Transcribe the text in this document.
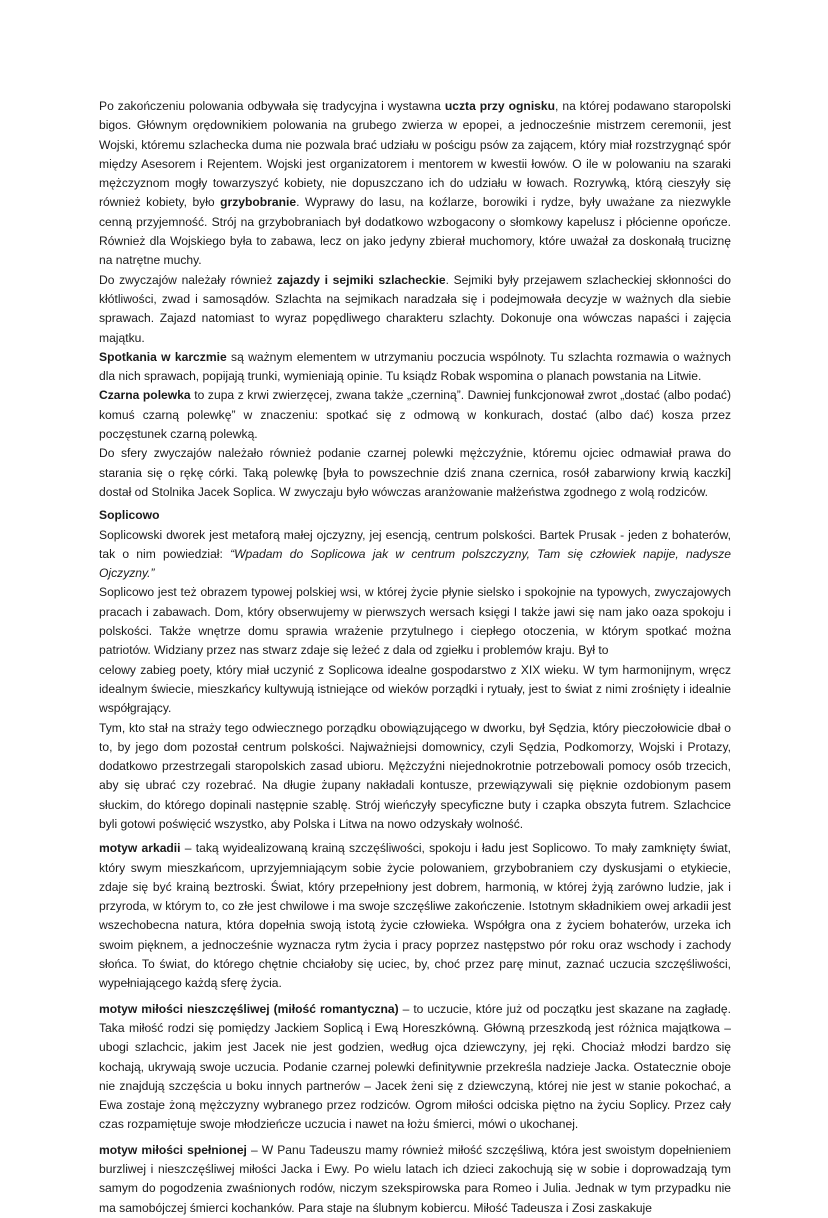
Po zakończeniu polowania odbywała się tradycyjna i wystawna uczta przy ognisku, na której podawano staropolski bigos. Głównym orędownikiem polowania na grubego zwierza w epopei, a jednocześnie mistrzem ceremonii, jest Wojski, któremu szlachecka duma nie pozwala brać udziału w pościgu psów za zającem, który miał rozstrzygnąć spór między Asesorem i Rejentem. Wojski jest organizatorem i mentorem w kwestii łowów. O ile w polowaniu na szaraki mężczyznom mogły towarzyszyć kobiety, nie dopuszczano ich do udziału w łowach. Rozrywką, którą cieszyły się również kobiety, było grzybobranie. Wyprawy do lasu, na koźlarze, borowiki i rydze, były uważane za niezwykle cenną przyjemność. Strój na grzybobraniach był dodatkowo wzbogacony o słomkowy kapelusz i płócienne opończe. Również dla Wojskiego była to zabawa, lecz on jako jedyny zbierał muchomory, które uważał za doskonałą truciznę na natrętne muchy.

Do zwyczajów należały również zajazdy i sejmiki szlacheckie. Sejmiki były przejawem szlacheckiej skłonności do kłótliwości, zwad i samosądów. Szlachta na sejmikach naradzała się i podejmowała decyzje w ważnych dla siebie sprawach. Zajazd natomiast to wyraz popędliwego charakteru szlachty. Dokonuje ona wówczas napaści i zajęcia majątku.

Spotkania w karczmie są ważnym elementem w utrzymaniu poczucia wspólnoty. Tu szlachta rozmawia o ważnych dla nich sprawach, popijają trunki, wymieniają opinie. Tu ksiądz Robak wspomina o planach powstania na Litwie.

Czarna polewka to zupa z krwi zwierzęcej, zwana także „czerniną”. Dawniej funkcjonował zwrot „dostać (albo podać) komuś czarną polewkę” w znaczeniu: spotkać się z odmową w konkurach, dostać (albo dać) kosza przez poczęstunek czarną polewką.

Do sfery zwyczajów należało również podanie czarnej polewki mężczyźnie, któremu ojciec odmawiał prawa do starania się o rękę córki. Taką polewkę [była to powszechnie dziś znana czernica, rosół zabarwiony krwią kaczki] dostał od Stolnika Jacek Soplica. W zwyczaju było wówczas aranżowanie małżeństwa zgodnego z wolą rodziców.

Soplicowo

Soplicowski dworek jest metaforą małej ojczyzny, jej esencją, centrum polskości. Bartek Prusak - jeden z bohaterów, tak o nim powiedział: “Wpadam do Soplicowa jak w centrum polszczyzny, Tam się człowiek napije, nadysze Ojczyzny.”

Soplicowo jest też obrazem typowej polskiej wsi, w której życie płynie sielsko i spokojnie na typowych, zwyczajowych pracach i zabawach. Dom, który obserwujemy w pierwszych wersach księgi I także jawi się nam jako oaza spokoju i polskości. Także wnętrze domu sprawia wrażenie przytulnego i ciepłego otoczenia, w którym spotkać można patriotów. Widziany przez nas stwarz zdaje się leżeć z dala od zgiełku i problemów kraju. Był to

celowy zabieg poety, który miał uczynić z Soplicowa idealne gospodarstwo z XIX wieku. W tym harmonijnym, wręcz idealnym świecie, mieszkańcy kultywują istniejące od wieków porządki i rytuały, jest to świat z nimi zrośnięty i idealnie współgrający.

Tym, kto stał na straży tego odwiecznego porządku obowiązującego w dworku, był Sędzia, który pieczołowicie dbał o to, by jego dom pozostał centrum polskości. Najważniejsi domownicy, czyli Sędzia, Podkomorzy, Wojski i Protazy, dodatkowo przestrzegali staropolskich zasad ubioru. Mężczyźni niejednokrotnie potrzebowali pomocy osób trzecich, aby się ubrać czy rozebrać. Na długie żupany nakładali kontusze, przewiązywali się pięknie ozdobionym pasem słuckim, do którego dopinali następnie szablę. Strój wieńczyły specyficzne buty i czapka obszyta futrem. Szlachcice byli gotowi poświęcić wszystko, aby Polska i Litwa na nowo odzyskały wolność.

motyw arkadii – taką wyidealizowaną krainą szczęśliwości, spokoju i ładu jest Soplicowo. To mały zamknięty świat, który swym mieszkańcom, uprzyjemniającym sobie życie polowaniem, grzybobraniem czy dyskusjami o etykiecie, zdaje się być krainą beztroski. Świat, który przepełniony jest dobrem, harmonią, w której żyją zarówno ludzie, jak i przyroda, w którym to, co złe jest chwilowe i ma swoje szczęśliwe zakończenie. Istotnym składnikiem owej arkadii jest wszechobecna natura, która dopełnia swoją istotą życie człowieka. Współgra ona z życiem bohaterów, urzeka ich swoim pięknem, a jednocześnie wyznacza rytm życia i pracy poprzez następstwo pór roku oraz wschody i zachody słońca. To świat, do którego chętnie chciałoby się uciec, by, choć przez parę minut, zaznać uczucia szczęśliwości, wypełniającego każdą sferę życia.

motyw miłości nieszczęśliwej (miłość romantyczna) – to uczucie, które już od początku jest skazane na zagładę. Taka miłość rodzi się pomiędzy Jackiem Soplicą i Ewą Horeszkówną. Główną przeszkodą jest różnica majątkowa – ubogi szlachcic, jakim jest Jacek nie jest godzien, według ojca dziewczyny, jej ręki. Chociaż młodzi bardzo się kochają, ukrywają swoje uczucia. Podanie czarnej polewki definitywnie przekreśla nadzieje Jacka. Ostatecznie oboje nie znajdują szczęścia u boku innych partnerów – Jacek żeni się z dziewczyną, której nie jest w stanie pokochać, a Ewa zostaje żoną mężczyzny wybranego przez rodziców. Ogrom miłości odciska piętno na życiu Soplicy. Przez cały czas rozpamiętuje swoje młodzieńcze uczucia i nawet na łożu śmierci, mówi o ukochanej.

motyw miłości spełnionej – W Panu Tadeuszu mamy również miłość szczęśliwą, która jest swoistym dopełnieniem burzliwej i nieszczęśliwej miłości Jacka i Ewy. Po wielu latach ich dzieci zakochują się w sobie i doprowadzają tym samym do pogodzenia zwaśnionych rodów, niczym szekspirowska para Romeo i Julia. Jednak w tym przypadku nie ma samobójczej śmierci kochanków. Para staje na ślubnym kobiercu. Miłość Tadeusza i Zosi zaskakuje
